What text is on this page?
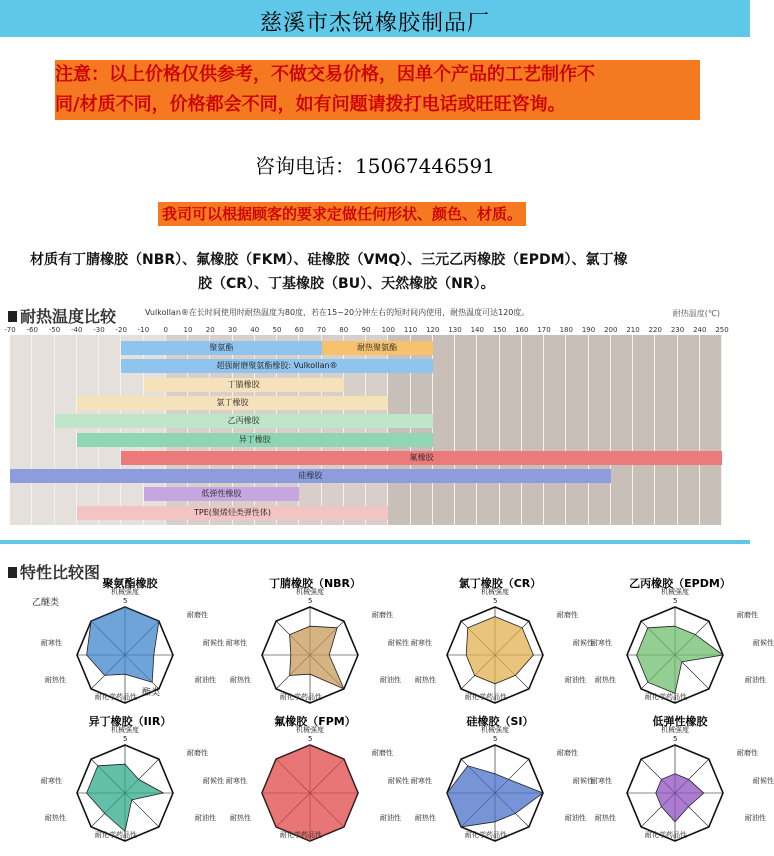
慈溪市杰锐橡胶制品厂
注意：以上价格仅供参考，不做交易价格，因单个产品的工艺制作不
同/材质不同，价格都会不同，如有问题请拨打电话或旺旺咨询。
咨询电话：15067446591
我司可以根据顾客的要求定做任何形状、颜色、材质。
材质有丁腈橡胶（NBR）、氟橡胶（FKM）、硅橡胶（VMQ）、三元乙丙橡胶（EPDM）、氯丁橡
胶（CR）、丁基橡胶（BU）、天然橡胶（NR）。
耐热温度比较	Vulkollan®在长时间使用时耐热温度为80度，若在15~20分钟左右的短时间内使用，耐热温度可达120度。	耐热温度(℃)
-70 -60 -50 -40 -30 -20 -10 0 10 20 30 40 50 60 70 80 90 100 110 120 130 140 150 160 170 180 190 200 210 220 230 240 250
聚氨酯	耐热聚氨酯
超强耐磨聚氨酯橡胶: Vulkollan®
丁腈橡胶
氯丁橡胶
乙丙橡胶
异丁橡胶
氟橡胶
硅橡胶
低弹性橡胶
TPE(聚烯烃类弹性体)
特性比较图
聚氨酯橡胶
机械强度
耐磨性
耐候性
耐油性
耐化学药品性
耐热性
耐寒性
5
乙醚类
酯类
丁腈橡胶（NBR）
机械强度
耐磨性
耐候性
耐油性
耐化学药品性
耐热性
耐寒性
5
氯丁橡胶（CR）
机械强度
耐磨性
耐候性
耐油性
耐化学药品性
耐热性
耐寒性
5
乙丙橡胶（EPDM）
机械强度
耐磨性
耐候性
耐油性
耐化学药品性
耐热性
耐寒性
5
异丁橡胶（IIR）
机械强度
耐磨性
耐候性
耐油性
耐化学药品性
耐热性
耐寒性
5
氟橡胶（FPM）
机械强度
耐磨性
耐候性
耐油性
耐化学药品性
耐热性
耐寒性
5
硅橡胶（SI）
机械强度
耐磨性
耐候性
耐油性
耐化学药品性
耐热性
耐寒性
5
低弹性橡胶
机械强度
耐磨性
耐候性
耐油性
耐化学药品性
耐热性
耐寒性
5
